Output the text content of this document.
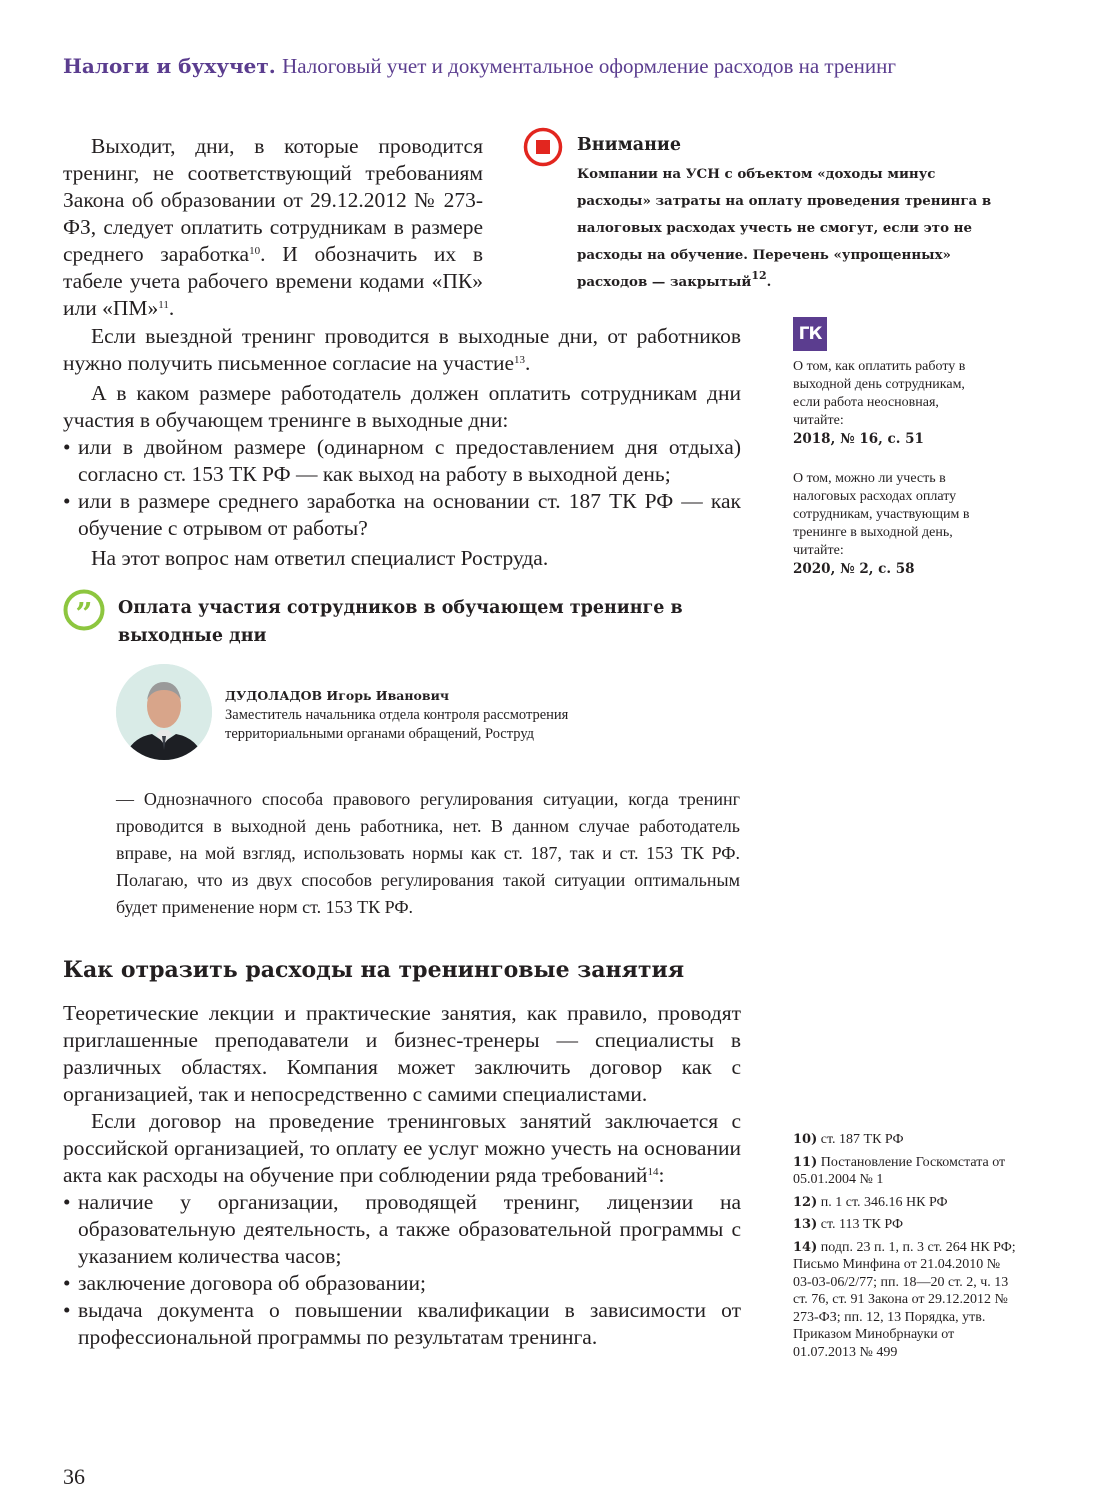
Налоги и бухучет. Налоговый учет и документальное оформление расходов на тренинг
Выходит, дни, в которые проводится тренинг, не соответствующий требованиям Закона об образовании от 29.12.2012 № 273-ФЗ, следует оплатить сотрудникам в размере среднего заработка$^{10}$. И обозначить их в табеле учета рабочего времени кодами «ПК» или «ПМ»$^{11}$.
Внимание
Компании на УСН с объектом «доходы минус расходы» затраты на оплату проведения тренинга в налоговых расходах учесть не смогут, если это не расходы на обучение. Перечень «упрощенных» расходов — закрытый$^{12}$.

Если выездной тренинг проводится в выходные дни, от работников нужно получить письменное согласие на участие$^{13}$.

А в каком размере работодатель должен оплатить сотрудникам дни участия в обучающем тренинге в выходные дни:

• или в двойном размере (одинарном с предоставлением дня отдыха) согласно ст. 153 ТК РФ — как выход на работу в выходной день;
• или в размере среднего заработка на основании ст. 187 ТК РФ — как обучение с отрывом от работы?

На этот вопрос нам ответил специалист Роструда.

ГК
О том, как оплатить работу в выходной день сотрудникам, если работа неосновная, читайте:
2018, № 16, с. 51
О том, можно ли учесть в налоговых расходах оплату сотрудникам, участвующим в тренинге в выходной день, читайте:
2020, № 2, с. 58
” Оплата участия сотрудников в обучающем тренинге в выходные дни
ДУДОЛАДОВ Игорь Иванович
Заместитель начальника отдела контроля рассмотрения
территориальными органами обращений, Роструд
— Однозначного способа правового регулирования ситуации, когда тренинг проводится в выходной день работника, нет. В данном случае работодатель вправе, на мой взгляд, использовать нормы как ст. 187, так и ст. 153 ТК РФ. Полагаю, что из двух способов регулирования такой ситуации оптимальным будет применение норм ст. 153 ТК РФ.
Как отразить расходы на тренинговые занятия

Теоретические лекции и практические занятия, как правило, проводят приглашенные преподаватели и бизнес-тренеры — специалисты в различных областях. Компания может заключить договор как с организацией, так и непосредственно с самими специалистами.

Если договор на проведение тренинговых занятий заключается с российской организацией, то оплату ее услуг можно учесть на основании акта как расходы на обучение при соблюдении ряда требований$^{14}$:

• наличие у организации, проводящей тренинг, лицензии на образовательную деятельность, а также образовательной программы с указанием количества часов;
• заключение договора об образовании;
• выдача документа о повышении квалификации в зависимости от профессиональной программы по результатам тренинга.
10) ст. 187 ТК РФ
11) Постановление Госкомстата от 05.01.2004 № 1
12) п. 1 ст. 346.16 НК РФ
13) ст. 113 ТК РФ
14) подп. 23 п. 1, п. 3 ст. 264 НК РФ; Письмо Минфина от 21.04.2010 № 03-03-06/2/77; пп. 18—20 ст. 2, ч. 13 ст. 76, ст. 91 Закона от 29.12.2012 № 273-ФЗ; пп. 12, 13 Порядка, утв. Приказом Минобрнауки от 01.07.2013 № 499
36
